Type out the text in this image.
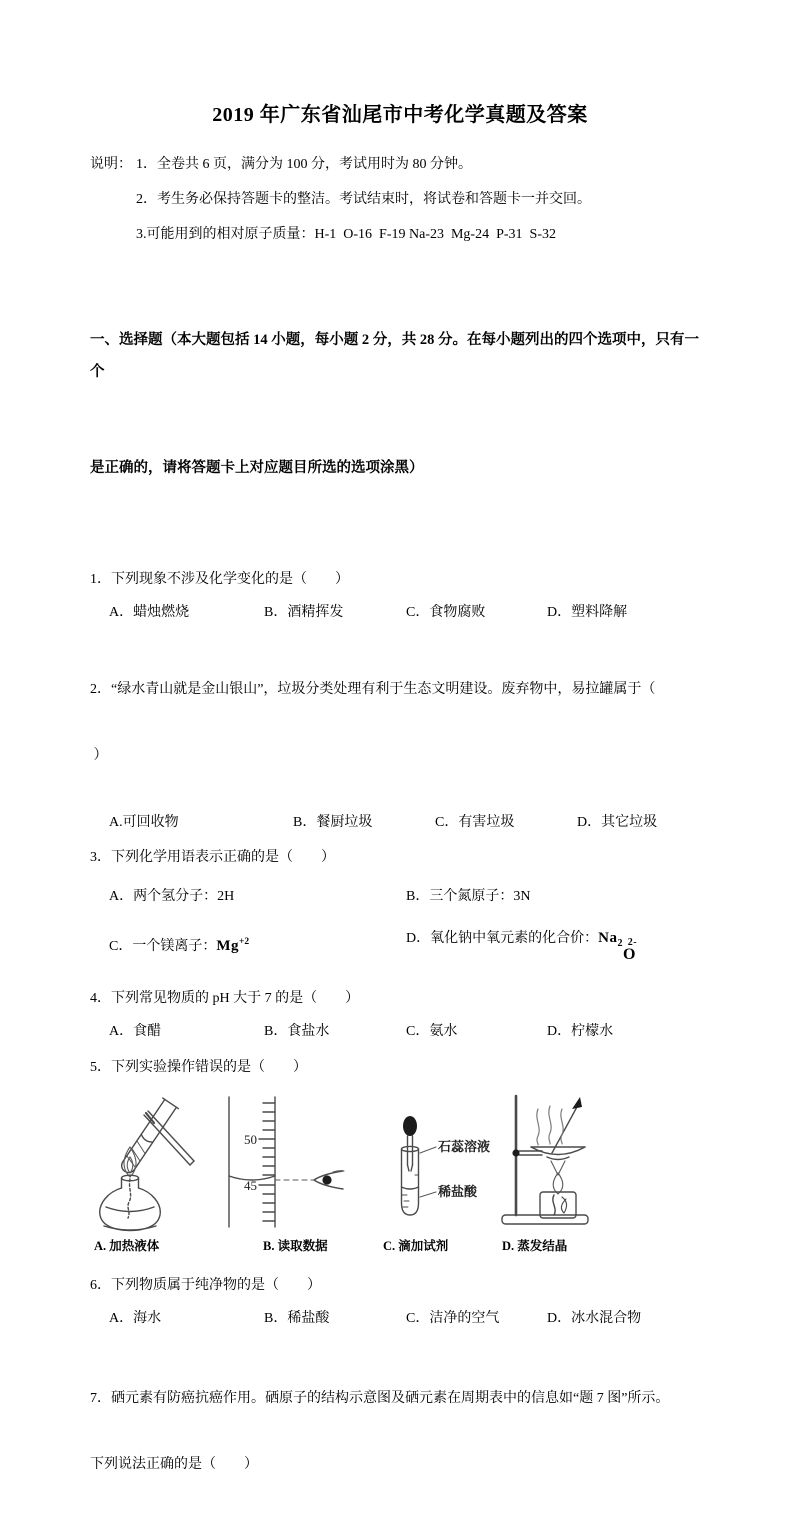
2019 年广东省汕尾市中考化学真题及答案
说明： 1．全卷共 6 页，满分为 100 分，考试用时为 80 分钟。
2．考生务必保持答题卡的整洁。考试结束时，将试卷和答题卡一并交回。
3.可能用到的相对原子质量：H-1  O-16  F-19 Na-23  Mg-24  P-31  S-32

一、选择题（本大题包括 14 小题，每小题 2 分，共 28 分。在每小题列出的四个选项中，只有一个

是正确的，请将答题卡上对应题目所选的选项涂黑）

1．下列现象不涉及化学变化的是（　　）
A．蜡烛燃烧	B．酒精挥发	C．食物腐败	D．塑料降解

2．“绿水青山就是金山银山”，垃圾分类处理有利于生态文明建设。废弃物中，易拉罐属于（

）

A.可回收物	B．餐厨垃圾	C．有害垃圾	D．其它垃圾
3．下列化学用语表示正确的是（　　）
A．两个氢分子：2H	B．三个氮原子：3N
C．一个镁离子：$Mg^{+2}$	D．氧化钠中氧元素的化合价：$Na_2$ 2-
O
4．下列常见物质的 pH 大于 7 的是（　　）
A．食醋	B．食盐水	C．氨水	D．柠檬水
5．下列实验操作错误的是（　　）
A. 加热液体
50
45
B. 读取数据
石蕊溶液
稀盐酸
C. 滴加试剂	D. 蒸发结晶
6．下列物质属于纯净物的是（　　）
A．海水	B．稀盐酸	C．洁净的空气	D．冰水混合物

7．硒元素有防癌抗癌作用。硒原子的结构示意图及硒元素在周期表中的信息如“题 7 图”所示。

下列说法正确的是（　　）
